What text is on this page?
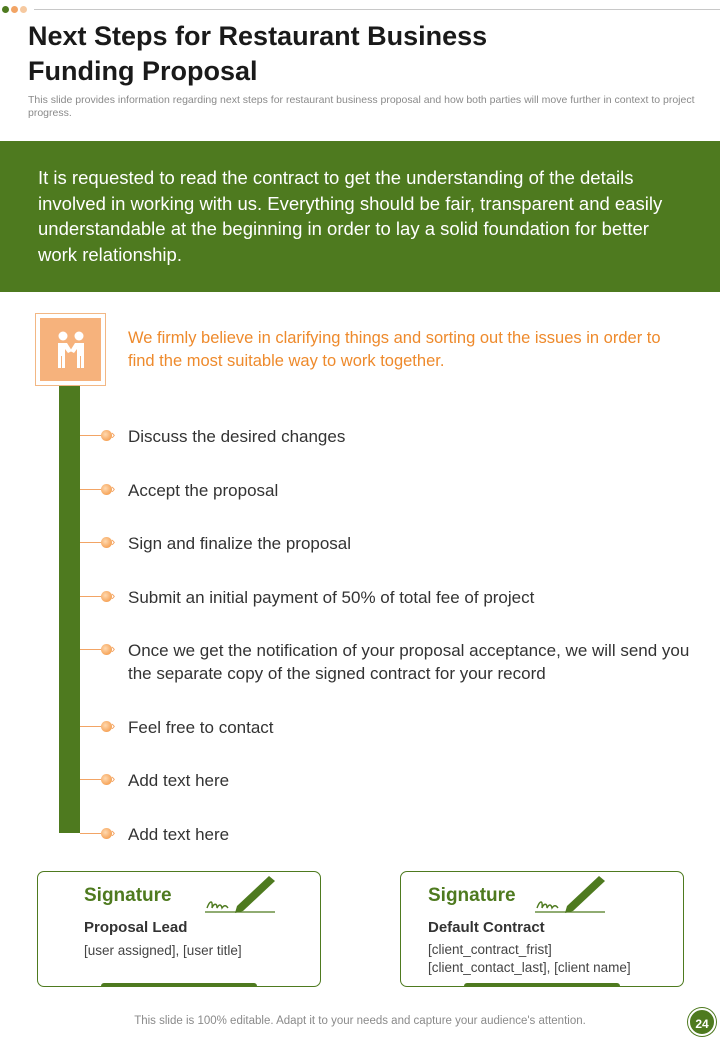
Next Steps for Restaurant Business Funding Proposal

This slide provides information regarding next steps for restaurant business proposal and how both parties will move further in context to project progress.

It is requested to read the contract to get the understanding of the details involved in working with us. Everything should be fair, transparent and easily understandable at the beginning in order to lay a solid foundation for better work relationship.

We firmly believe in clarifying things and sorting out the issues in order to find the most suitable way to work together.

› Discuss the desired changes

› Accept the proposal

› Sign and finalize the proposal

› Submit an initial payment of 50% of total fee of project

› Once we get the notification of your proposal acceptance, we will send you the separate copy of the signed contract for your record

› Feel free to contact

› Add text here

› Add text here

Signature

Proposal Lead

[user assigned], [user title]

Signature

Default Contract

[client_contract_frist]

[client_contact_last], [client name]

This slide is 100% editable. Adapt it to your needs and capture your audience's attention.	24
